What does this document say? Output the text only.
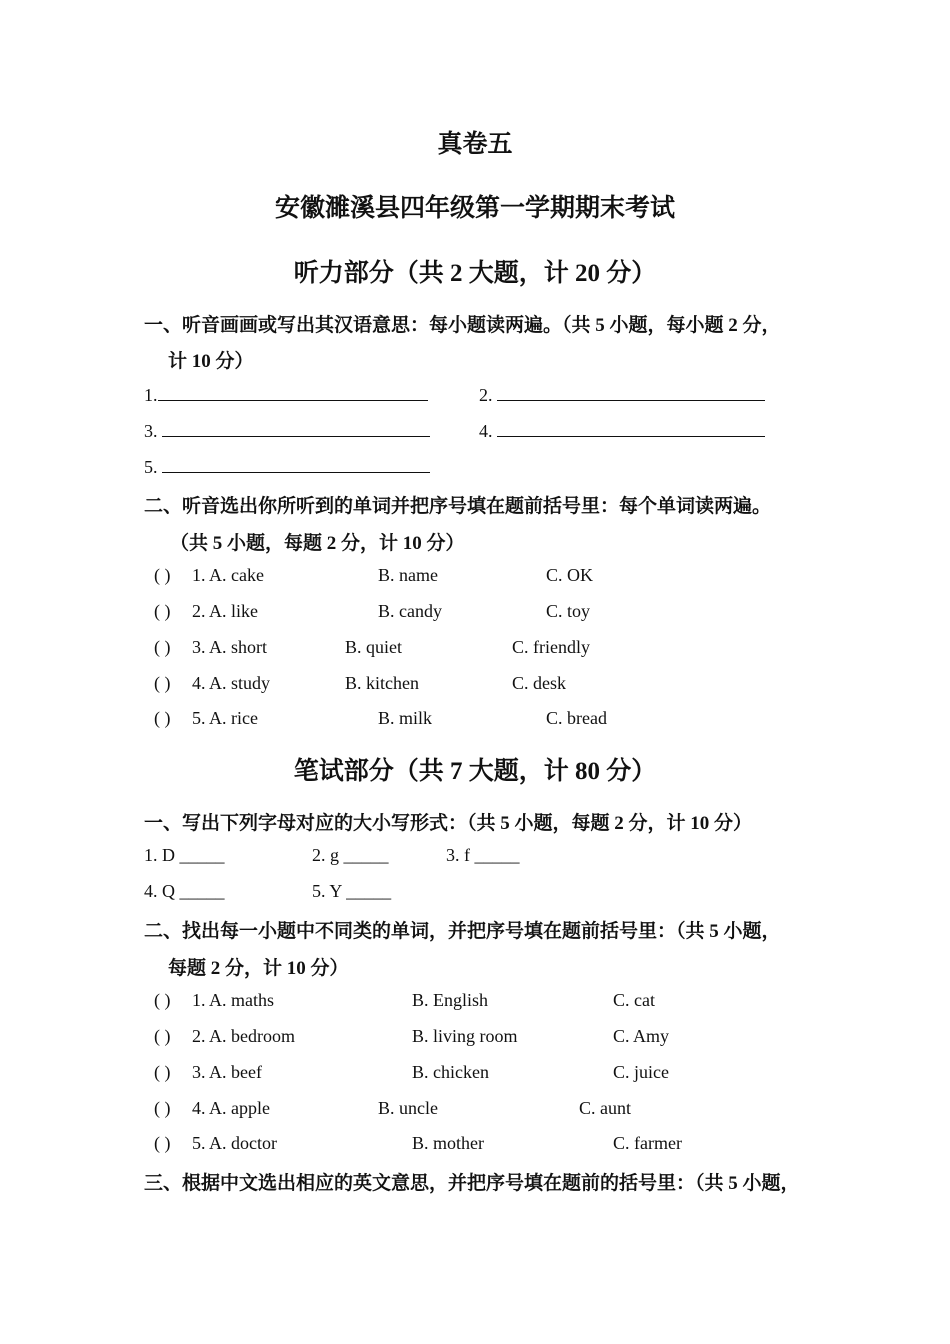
真卷五
安徽濉溪县四年级第一学期期末考试
听力部分（共 2 大题，计 20 分）
一、听音画画或写出其汉语意思：每小题读两遍。（共 5 小题，每小题 2 分，
计 10 分）
1.	2.
3.	4.
5.
二、听音选出你所听到的单词并把序号填在题前括号里：每个单词读两遍。
（共 5 小题，每题 2 分，计 10 分）
( ) 1. A. cake	B. name	C. OK
( ) 2. A. like	B. candy	C. toy
( ) 3. A. short	B. quiet	C. friendly
( ) 4. A. study	B. kitchen	C. desk
( ) 5. A. rice	B. milk	C. bread
笔试部分（共 7 大题，计 80 分）
一、写出下列字母对应的大小写形式：（共 5 小题，每题 2 分，计 10 分）
1. D _____	2. g _____	3. f _____
4. Q _____	5. Y _____
二、找出每一小题中不同类的单词，并把序号填在题前括号里：（共 5 小题，
每题 2 分，计 10 分）
( ) 1. A. maths	B. English	C. cat
( ) 2. A. bedroom	B. living room	C. Amy
( ) 3. A. beef	B. chicken	C. juice
( ) 4. A. apple	B. uncle	C. aunt
( ) 5. A. doctor	B. mother	C. farmer
三、根据中文选出相应的英文意思，并把序号填在题前的括号里：（共 5 小题，
